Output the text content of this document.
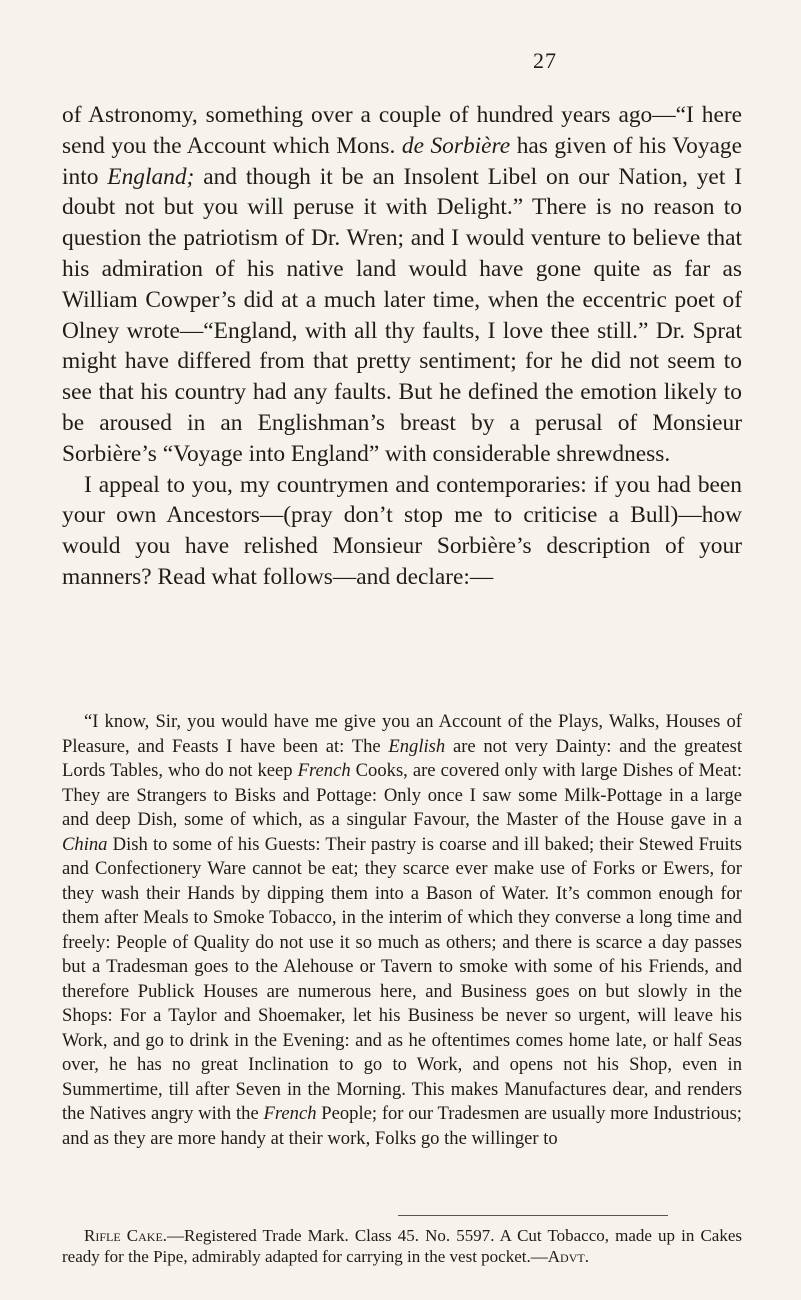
27

of Astronomy, something over a couple of hundred years ago—“I here send you the Account which Mons. de Sorbière has given of his Voyage into England; and though it be an Insolent Libel on our Nation, yet I doubt not but you will peruse it with Delight.” There is no reason to question the patriotism of Dr. Wren; and I would venture to believe that his admiration of his native land would have gone quite as far as William Cowper’s did at a much later time, when the eccentric poet of Olney wrote—“England, with all thy faults, I love thee still.” Dr. Sprat might have differed from that pretty sentiment; for he did not seem to see that his country had any faults. But he defined the emotion likely to be aroused in an Englishman’s breast by a perusal of Monsieur Sorbière’s “Voyage into England” with considerable shrewdness.

I appeal to you, my countrymen and contemporaries: if you had been your own Ancestors—(pray don’t stop me to criticise a Bull)—how would you have relished Monsieur Sorbière’s description of your manners? Read what follows—and declare:—

“I know, Sir, you would have me give you an Account of the Plays, Walks, Houses of Pleasure, and Feasts I have been at: The English are not very Dainty: and the greatest Lords Tables, who do not keep French Cooks, are covered only with large Dishes of Meat: They are Strangers to Bisks and Pottage: Only once I saw some Milk-Pottage in a large and deep Dish, some of which, as a singular Favour, the Master of the House gave in a China Dish to some of his Guests: Their pastry is coarse and ill baked; their Stewed Fruits and Confectionery Ware cannot be eat; they scarce ever make use of Forks or Ewers, for they wash their Hands by dipping them into a Bason of Water. It’s common enough for them after Meals to Smoke Tobacco, in the interim of which they converse a long time and freely: People of Quality do not use it so much as others; and there is scarce a day passes but a Tradesman goes to the Alehouse or Tavern to smoke with some of his Friends, and therefore Publick Houses are numerous here, and Business goes on but slowly in the Shops: For a Taylor and Shoemaker, let his Business be never so urgent, will leave his Work, and go to drink in the Evening: and as he oftentimes comes home late, or half Seas over, he has no great Inclination to go to Work, and opens not his Shop, even in Summertime, till after Seven in the Morning. This makes Manufactures dear, and renders the Natives angry with the French People; for our Tradesmen are usually more Industrious; and as they are more handy at their work, Folks go the willinger to

Rifle Cake.—Registered Trade Mark. Class 45. No. 5597. A Cut Tobacco, made up in Cakes ready for the Pipe, admirably adapted for carrying in the vest pocket.—Advt.
